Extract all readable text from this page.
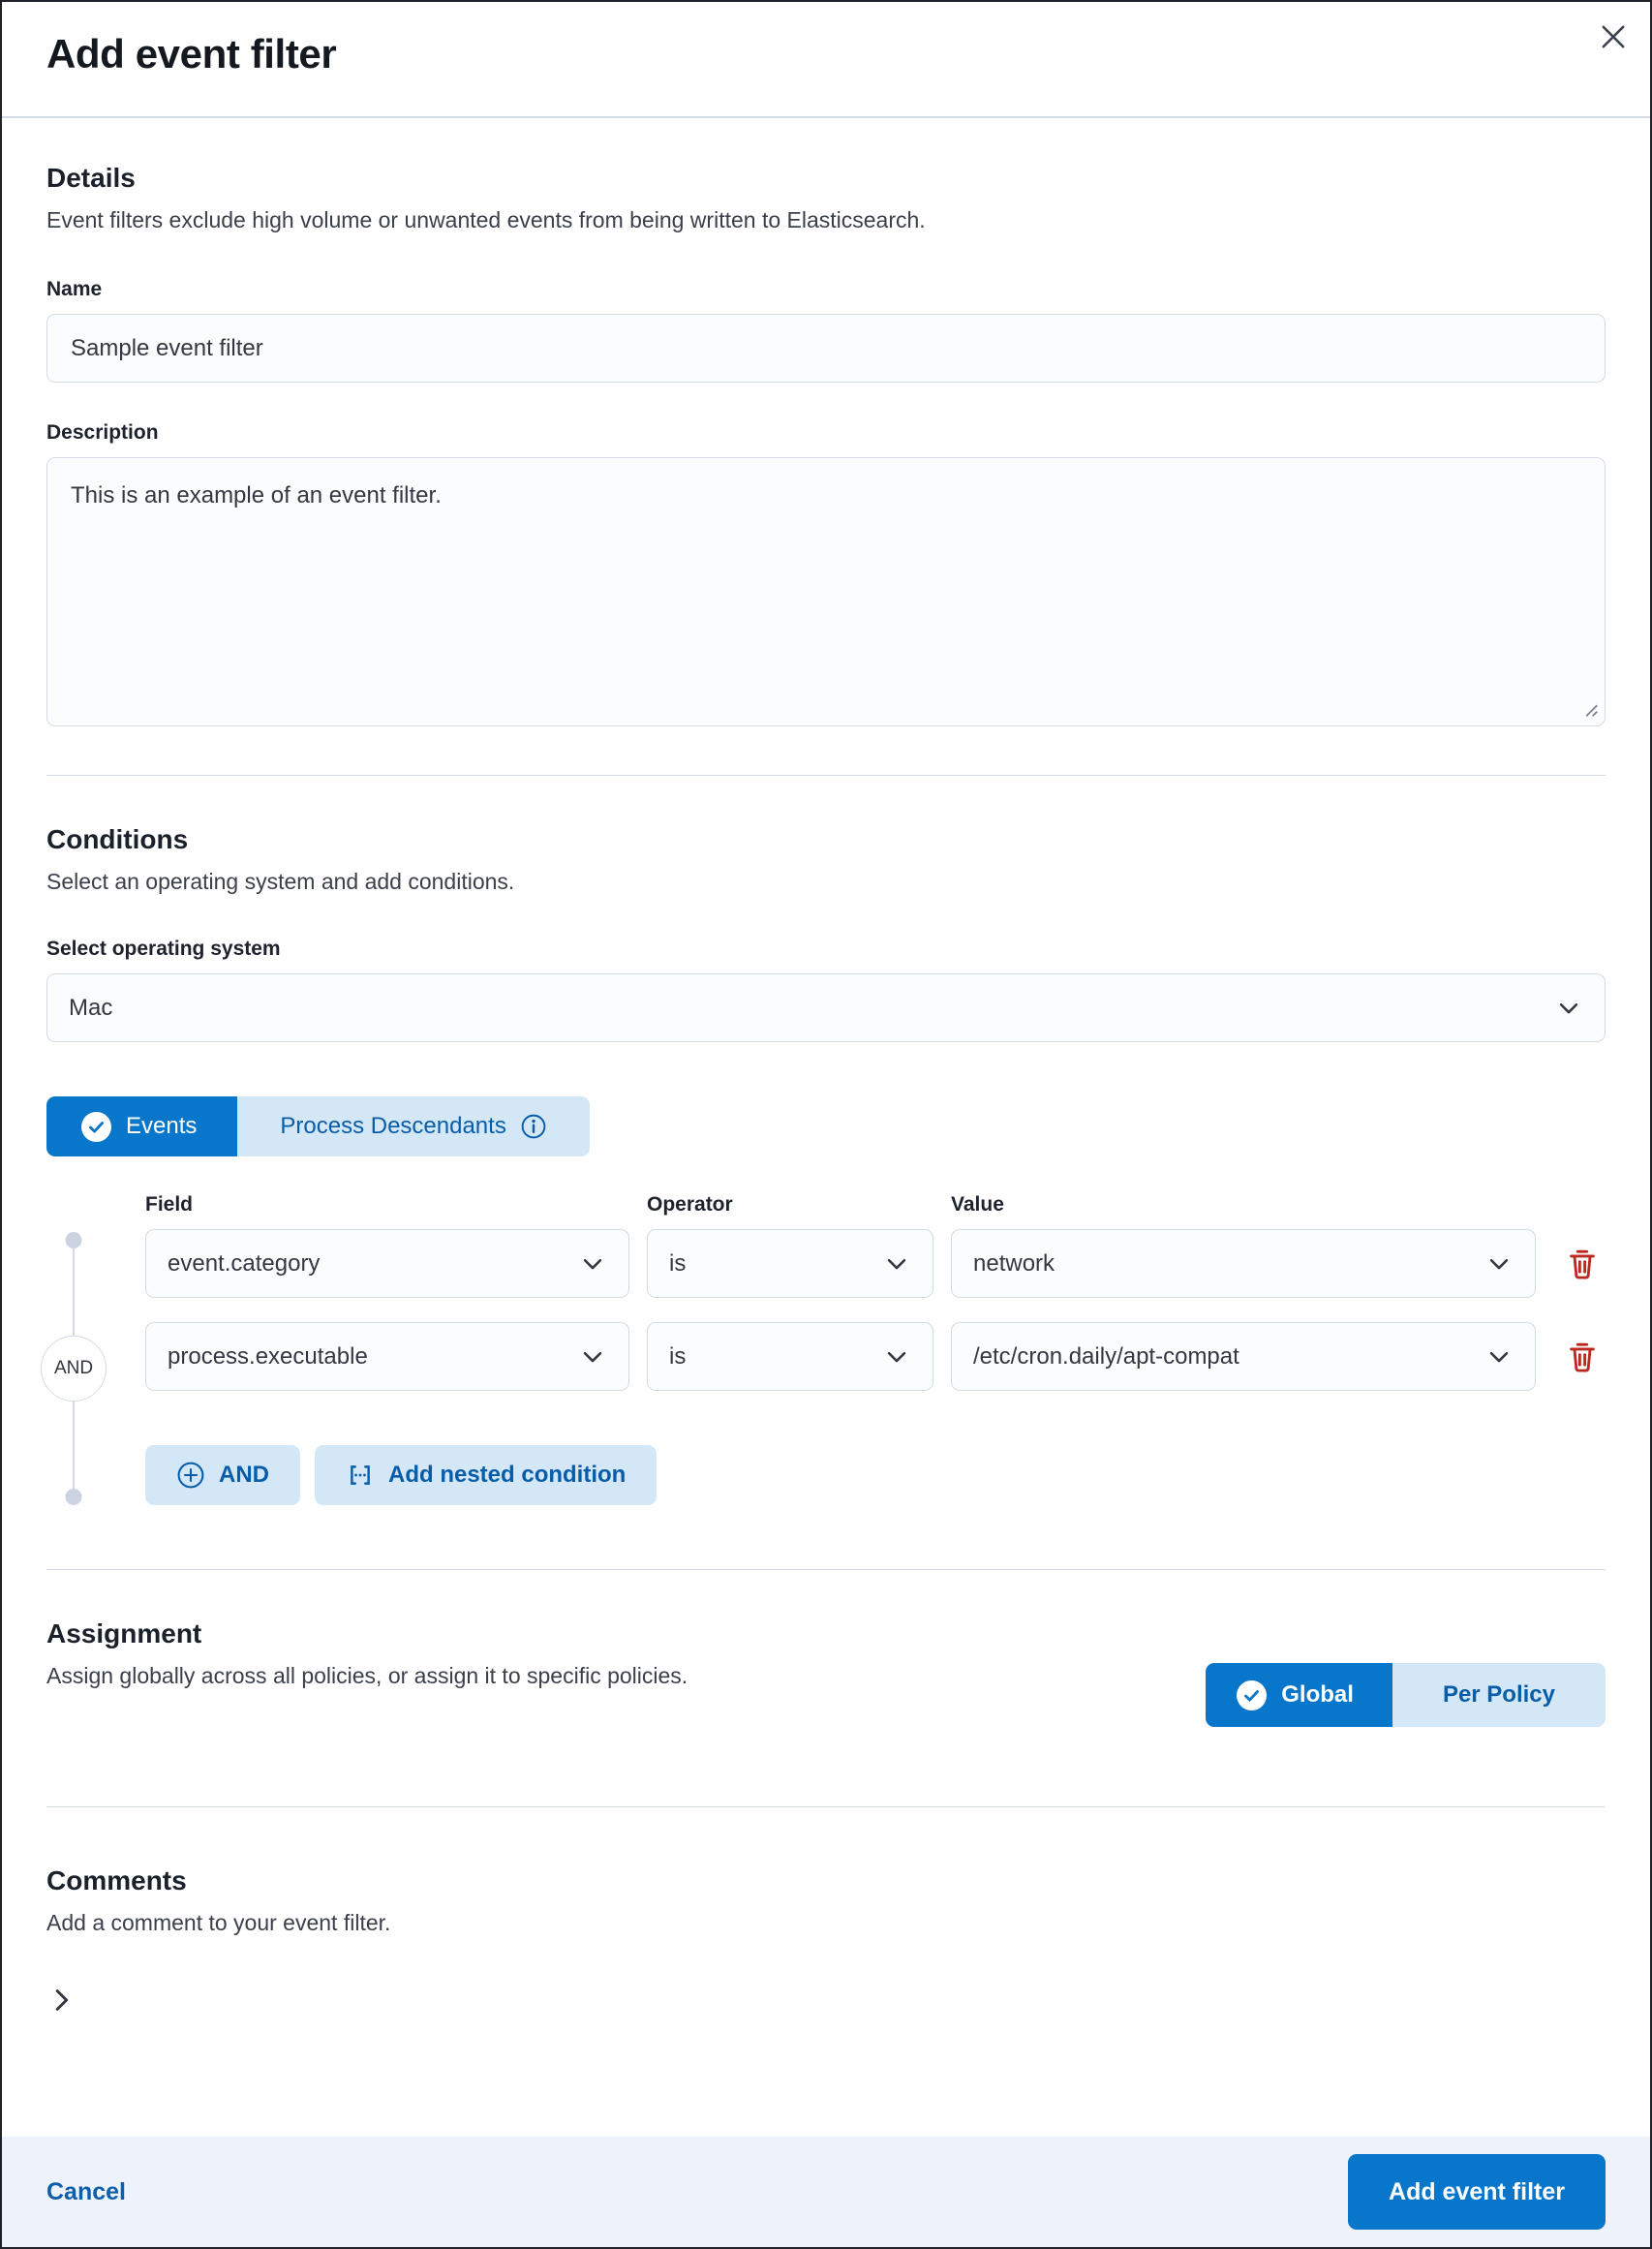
Add event filter
Details
Event filters exclude high volume or unwanted events from being written to Elasticsearch.
Name
Sample event filter
Description
This is an example of an event filter.
Conditions
Select an operating system and add conditions.
Select operating system
Mac
Events	Process Descendants
AND
Field	Operator	Value
event.category	is	network
process.executable	is	/etc/cron.daily/apt-compat
AND	Add nested condition
Assignment
Assign globally across all policies, or assign it to specific policies.
Global	Per Policy
Comments
Add a comment to your event filter.
Cancel	Add event filter
